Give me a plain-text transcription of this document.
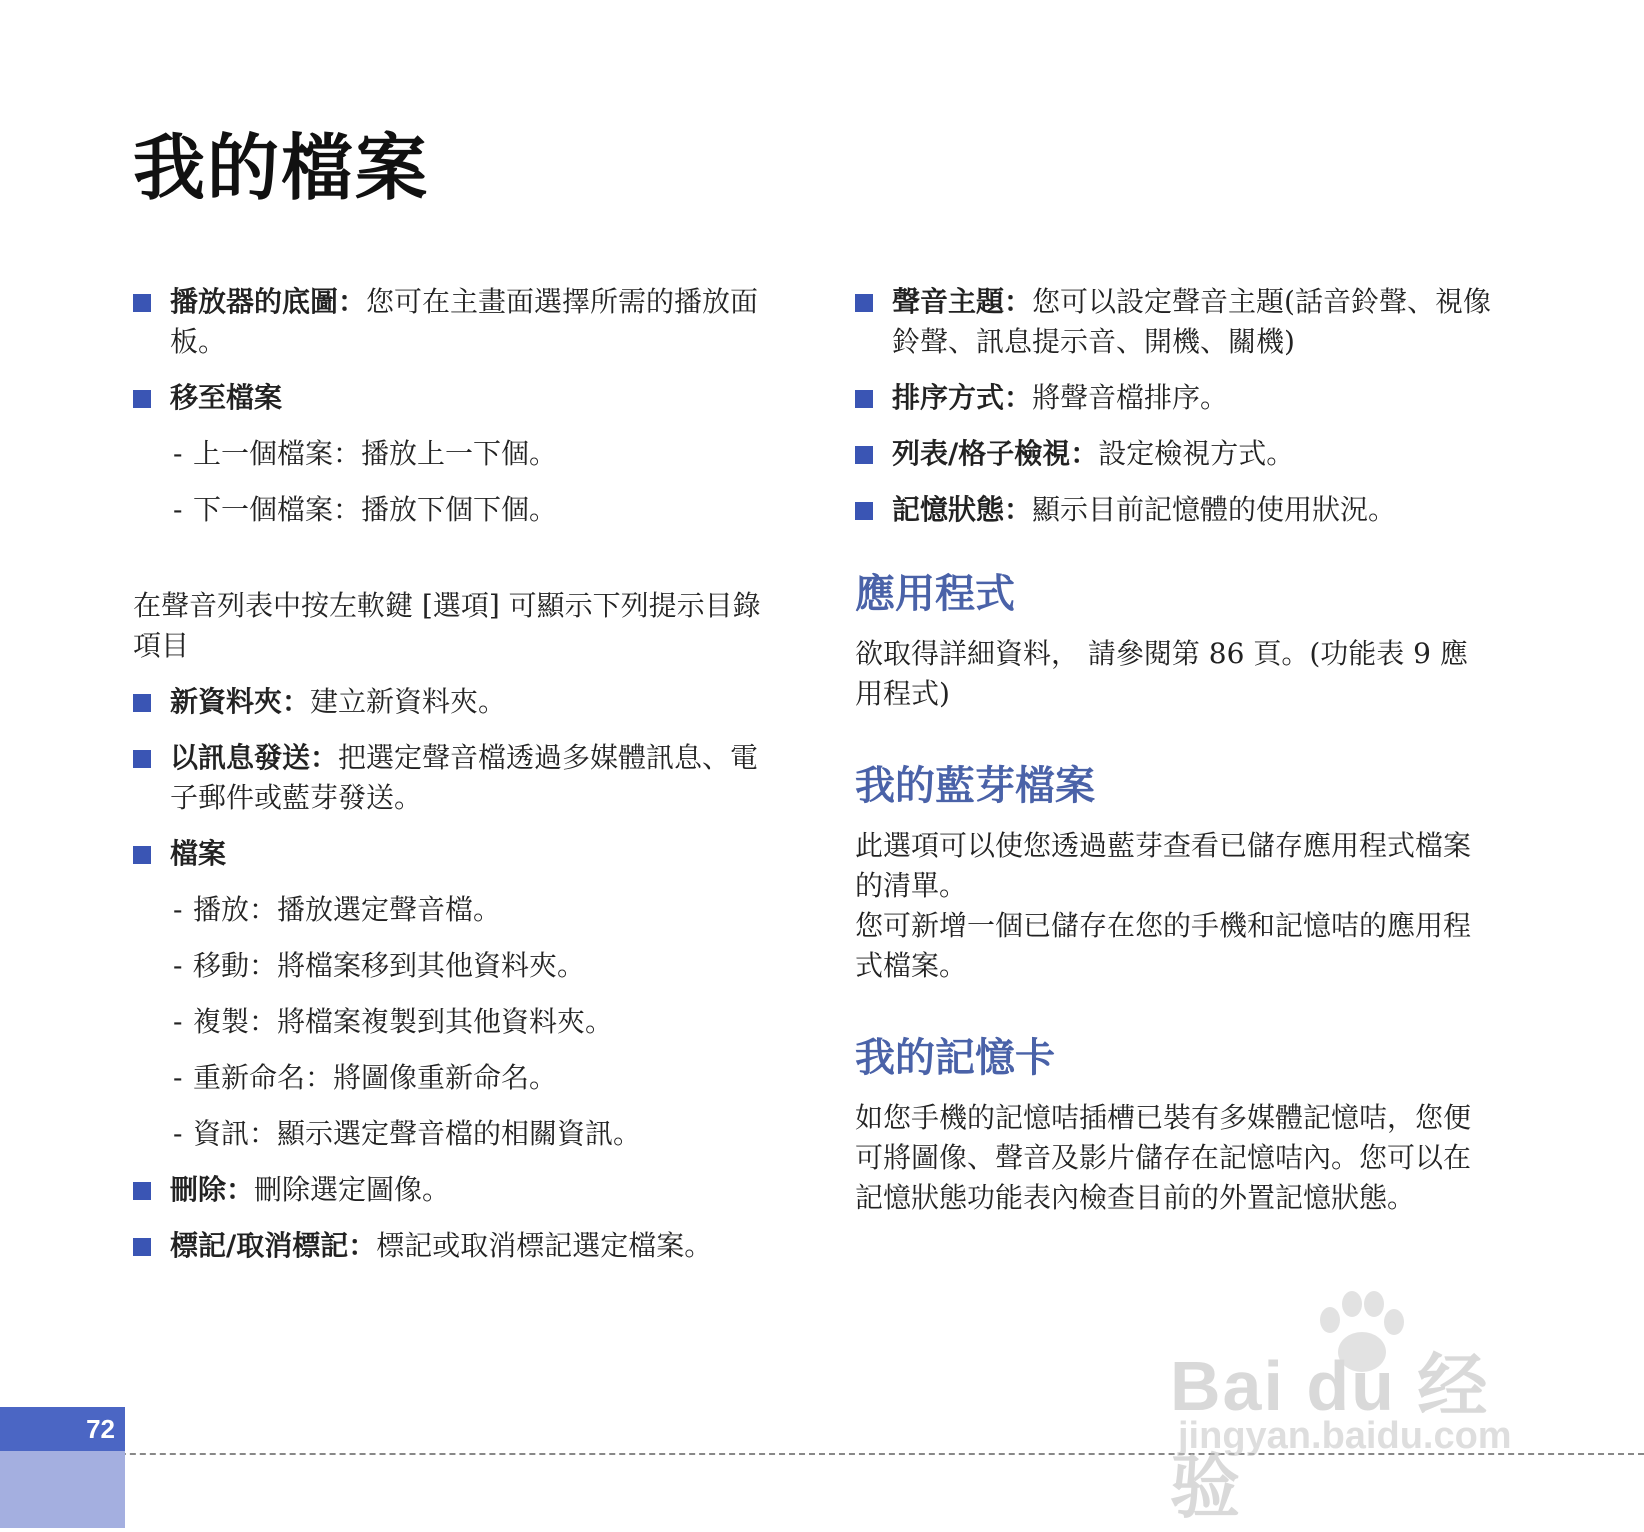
我的檔案
播放器的底圖：您可在主畫面選擇所需的播放面板。
移至檔案
- 上一個檔案：播放上一下個。
- 下一個檔案：播放下個下個。
在聲音列表中按左軟鍵 [選項] 可顯示下列提示目錄項目
新資料夾：建立新資料夾。
以訊息發送：把選定聲音檔透過多媒體訊息、電子郵件或藍芽發送。
檔案
- 播放：播放選定聲音檔。
- 移動：將檔案移到其他資料夾。
- 複製：將檔案複製到其他資料夾。
- 重新命名：將圖像重新命名。
- 資訊：顯示選定聲音檔的相關資訊。
刪除：刪除選定圖像。
標記/取消標記：標記或取消標記選定檔案。
聲音主題：您可以設定聲音主題(話音鈴聲、視像鈴聲、訊息提示音、開機、關機)
排序方式：將聲音檔排序。
列表/格子檢視：設定檢視方式。
記憶狀態：顯示目前記憶體的使用狀況。
應用程式
欲取得詳細資料， 請參閱第 86 頁。(功能表 9 應用程式)
我的藍芽檔案
此選項可以使您透過藍芽查看已儲存應用程式檔案的清單。
您可新增一個已儲存在您的手機和記憶咭的應用程式檔案。
我的記憶卡
如您手機的記憶咭插槽已裝有多媒體記憶咭，您便可將圖像、聲音及影片儲存在記憶咭內。您可以在記憶狀態功能表內檢查目前的外置記憶狀態。
72
Bai du 经验
jingyan.baidu.com
